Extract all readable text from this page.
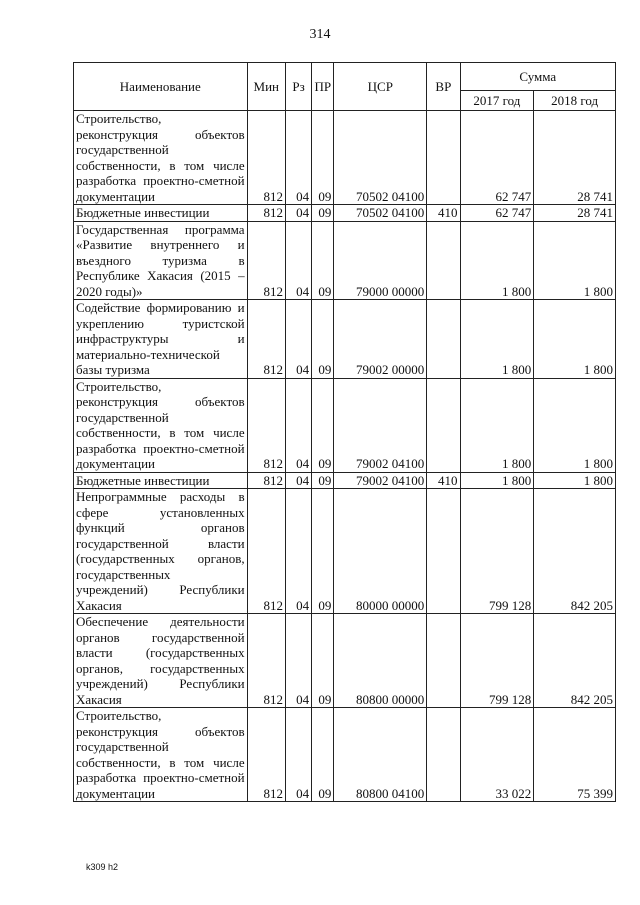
314
Наименование	Мин	Рз	ПР	ЦСР	ВР	Сумма	
						2017 год	2018 год
Строительство, реконструкция объектов государственной собственности, в том числе разработка проектно-сметной документации	812	04	09	70502 04100		62 747	28 741
Бюджетные инвестиции	812	04	09	70502 04100	410	62 747	28 741
Государственная программа «Развитие внутреннего и въездного туризма в Республике Хакасия (2015 – 2020 годы)»	812	04	09	79000 00000		1 800	1 800
Содействие формированию и укреплению туристской инфраструктуры и материально-технической базы туризма	812	04	09	79002 00000		1 800	1 800
Строительство, реконструкция объектов государственной собственности, в том числе разработка проектно-сметной документации	812	04	09	79002 04100		1 800	1 800
Бюджетные инвестиции	812	04	09	79002 04100	410	1 800	1 800
Непрограммные расходы в сфере установленных функций органов государственной власти (государственных органов, государственных учреждений) Республики Хакасия	812	04	09	80000 00000		799 128	842 205
Обеспечение деятельности органов государственной власти (государственных органов, государственных учреждений) Республики Хакасия	812	04	09	80800 00000		799 128	842 205
Строительство, реконструкция объектов государственной собственности, в том числе разработка проектно-сметной документации	812	04	09	80800 04100		33 022	75 399
k309 h2
